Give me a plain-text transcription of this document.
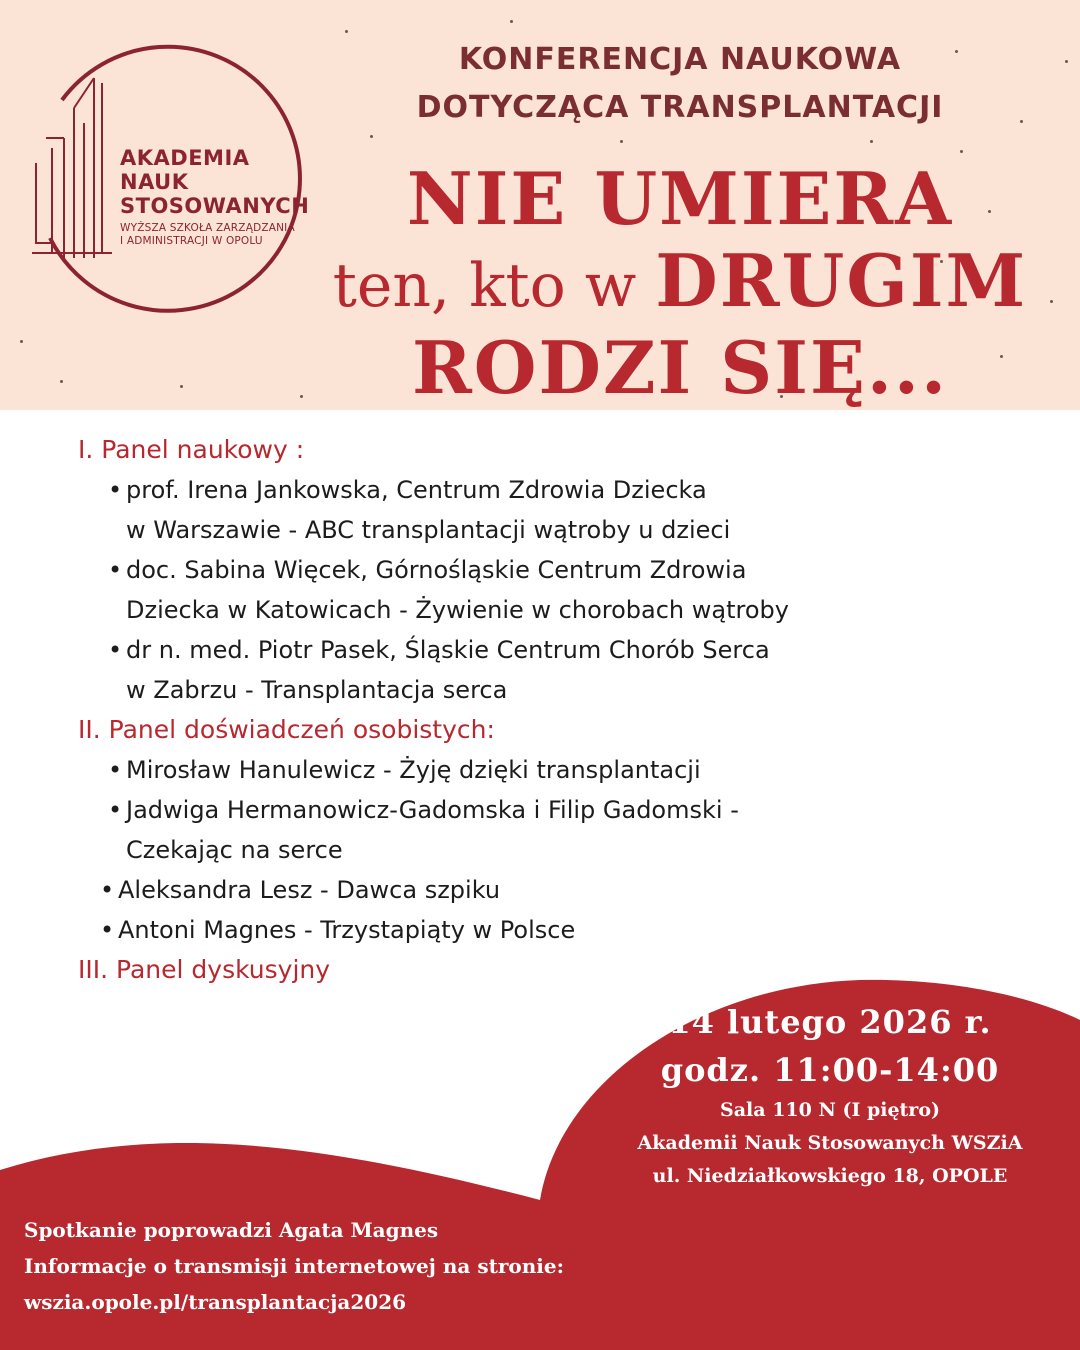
AKADEMIA
NAUK
STOSOWANYCH
WYŻSZA SZKOŁA ZARZĄDZANIA
I ADMINISTRACJI W OPOLU
KONFERENCJA NAUKOWA
DOTYCZĄCA TRANSPLANTACJI
NIE UMIERA
ten, kto w DRUGIM
RODZI SIĘ...
I. Panel naukowy :
• prof. Irena Jankowska, Centrum Zdrowia Dziecka
w Warszawie - ABC transplantacji wątroby u dzieci
• doc. Sabina Więcek, Górnośląskie Centrum Zdrowia
Dziecka w Katowicach - Żywienie w chorobach wątroby
• dr n. med. Piotr Pasek, Śląskie Centrum Chorób Serca
w Zabrzu - Transplantacja serca
II. Panel doświadczeń osobistych:
• Mirosław Hanulewicz - Żyję dzięki transplantacji
• Jadwiga Hermanowicz-Gadomska i Filip Gadomski -
Czekając na serce
• Aleksandra Lesz - Dawca szpiku
• Antoni Magnes - Trzystapiąty w Polsce
III. Panel dyskusyjny
14 lutego 2026 r.
godz. 11:00-14:00
Sala 110 N (I piętro)
Akademii Nauk Stosowanych WSZiA
ul. Niedziałkowskiego 18, OPOLE
Spotkanie poprowadzi Agata Magnes
Informacje o transmisji internetowej na stronie:
wszia.opole.pl/transplantacja2026
